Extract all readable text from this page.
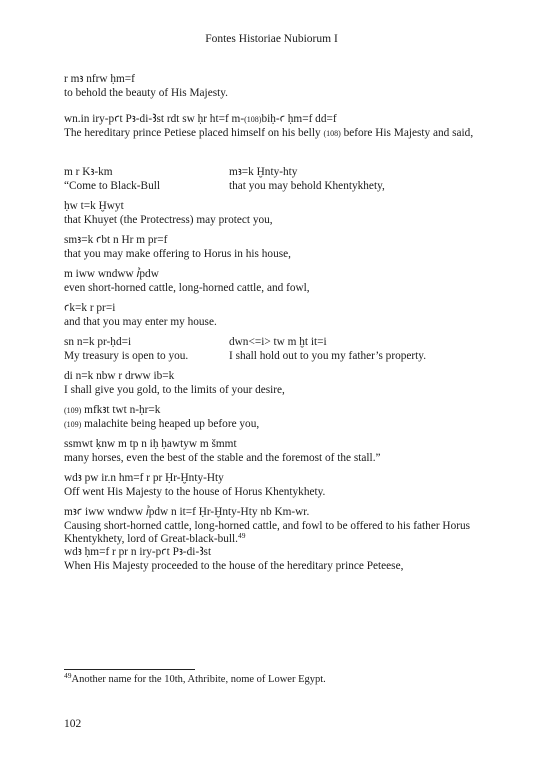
Fontes Historiae Nubiorum I
r mꜣ nfrw ḥm=f
to behold the beauty of His Majesty.
wn.in iry-pꜥt Pꜣ-di-Ꜣst rdt sw ḥr ht=f m-(108)biḥ-ꜥ ḥm=f dd=f
The hereditary prince Petiese placed himself on his belly (108) before His Majesty and said,
m r Kꜣ-km	mꜣ=k Ḫnty-hty
“Come to Black-Bull	that you may behold Khentykhety,
ḥw t=k Ḫwyt
that Khuyet (the Protectress) may protect you,
smꜣ=k ꜥbt n Hr m pr=f
that you may make offering to Horus in his house,
m iww wndww ꞽpdw
even short-horned cattle, long-horned cattle, and fowl,
ꜥk=k r pr=i
and that you may enter my house.
sn n=k pr-ḥd=i	dwn<=i> tw m ḫt it=i
My treasury is open to you.	I shall hold out to you my father’s property.
di n=k nbw r drww ib=k
I shall give you gold, to the limits of your desire,
(109) mfkꜣt twt n-ḥr=k
(109) malachite being heaped up before you,
ssmwt ḳnw m tp n iḥ ḥawtyw m šmmt
many horses, even the best of the stable and the foremost of the stall.”
wdꜣ pw ir.n hm=f r pr Ḥr-Ḫnty-Hty
Off went His Majesty to the house of Horus Khentykhety.
mꜣꜥ iww wndww ꞽpdw n it=f Ḥr-Ḫnty-Hty nb Km-wr.
Causing short-horned cattle, long-horned cattle, and fowl to be offered to his father Horus Khentykhety, lord of Great-black-bull.$^{49}$
wdꜣ ḥm=f r pr n iry-pꜥt Pꜣ-di-Ꜣst
When His Majesty proceeded to the house of the hereditary prince Peteese,
$^{49}$Another name for the 10th, Athribite, nome of Lower Egypt.
102
